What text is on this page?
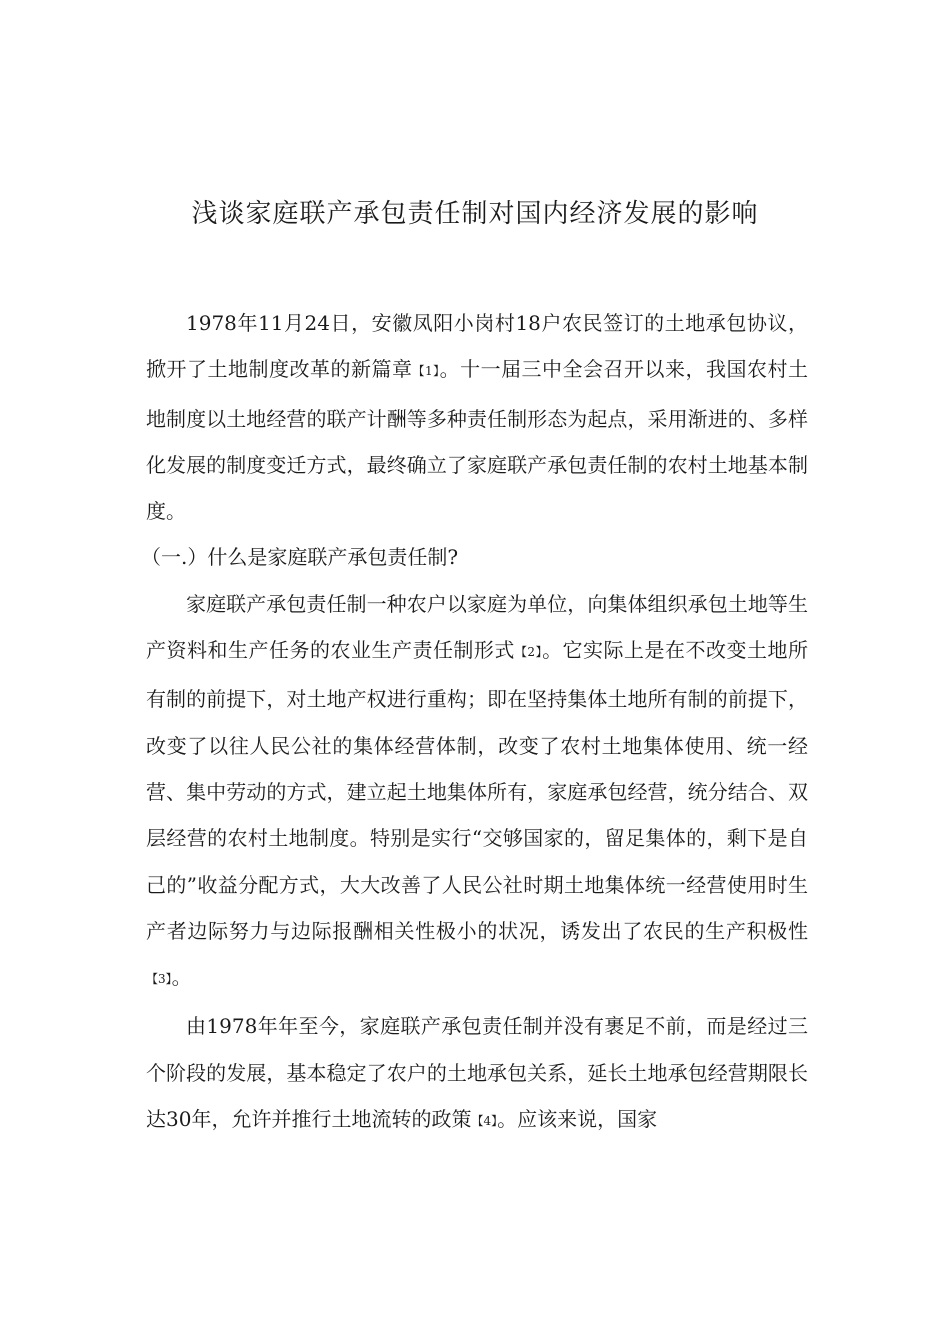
浅谈家庭联产承包责任制对国内经济发展的影响

1978年11月24日，安徽凤阳小岗村18户农民签订的土地承包协议，掀开了土地制度改革的新篇章【1】。十一届三中全会召开以来，我国农村土地制度以土地经营的联产计酬等多种责任制形态为起点，采用渐进的、多样化发展的制度变迁方式，最终确立了家庭联产承包责任制的农村土地基本制度。

（一.）什么是家庭联产承包责任制?

家庭联产承包责任制一种农户以家庭为单位，向集体组织承包土地等生产资料和生产任务的农业生产责任制形式【2】。它实际上是在不改变土地所有制的前提下，对土地产权进行重构；即在坚持集体土地所有制的前提下，改变了以往人民公社的集体经营体制，改变了农村土地集体使用、统一经营、集中劳动的方式，建立起土地集体所有，家庭承包经营，统分结合、双层经营的农村土地制度。特别是实行“交够国家的，留足集体的，剩下是自己的”收益分配方式，大大改善了人民公社时期土地集体统一经营使用时生产者边际努力与边际报酬相关性极小的状况，诱发出了农民的生产积极性【3】。

由1978年年至今，家庭联产承包责任制并没有裹足不前，而是经过三个阶段的发展，基本稳定了农户的土地承包关系，延长土地承包经营期限长达30年，允许并推行土地流转的政策【4】。应该来说，国家
